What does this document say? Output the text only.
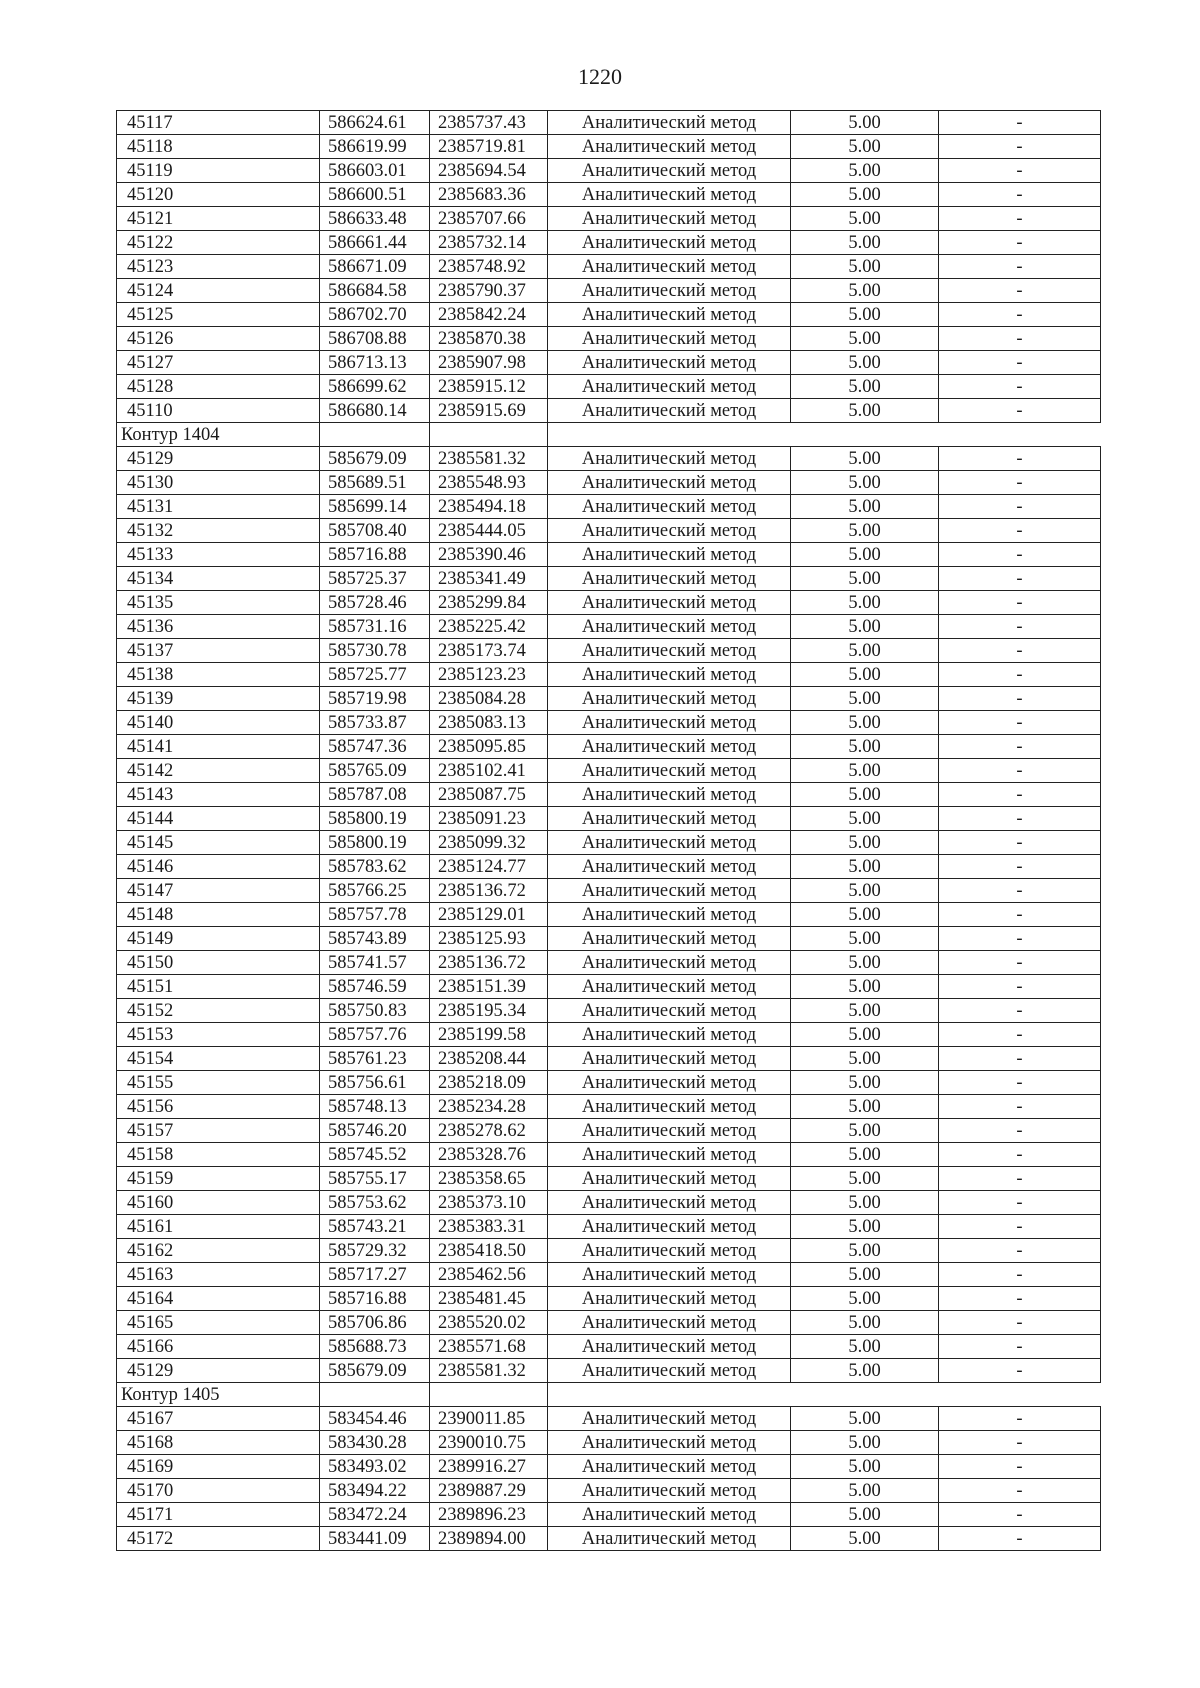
1220
45117	586624.61	2385737.43	Аналитический метод	5.00	-
45118	586619.99	2385719.81	Аналитический метод	5.00	-
45119	586603.01	2385694.54	Аналитический метод	5.00	-
45120	586600.51	2385683.36	Аналитический метод	5.00	-
45121	586633.48	2385707.66	Аналитический метод	5.00	-
45122	586661.44	2385732.14	Аналитический метод	5.00	-
45123	586671.09	2385748.92	Аналитический метод	5.00	-
45124	586684.58	2385790.37	Аналитический метод	5.00	-
45125	586702.70	2385842.24	Аналитический метод	5.00	-
45126	586708.88	2385870.38	Аналитический метод	5.00	-
45127	586713.13	2385907.98	Аналитический метод	5.00	-
45128	586699.62	2385915.12	Аналитический метод	5.00	-
45110	586680.14	2385915.69	Аналитический метод	5.00	-
Контур 1404					
45129	585679.09	2385581.32	Аналитический метод	5.00	-
45130	585689.51	2385548.93	Аналитический метод	5.00	-
45131	585699.14	2385494.18	Аналитический метод	5.00	-
45132	585708.40	2385444.05	Аналитический метод	5.00	-
45133	585716.88	2385390.46	Аналитический метод	5.00	-
45134	585725.37	2385341.49	Аналитический метод	5.00	-
45135	585728.46	2385299.84	Аналитический метод	5.00	-
45136	585731.16	2385225.42	Аналитический метод	5.00	-
45137	585730.78	2385173.74	Аналитический метод	5.00	-
45138	585725.77	2385123.23	Аналитический метод	5.00	-
45139	585719.98	2385084.28	Аналитический метод	5.00	-
45140	585733.87	2385083.13	Аналитический метод	5.00	-
45141	585747.36	2385095.85	Аналитический метод	5.00	-
45142	585765.09	2385102.41	Аналитический метод	5.00	-
45143	585787.08	2385087.75	Аналитический метод	5.00	-
45144	585800.19	2385091.23	Аналитический метод	5.00	-
45145	585800.19	2385099.32	Аналитический метод	5.00	-
45146	585783.62	2385124.77	Аналитический метод	5.00	-
45147	585766.25	2385136.72	Аналитический метод	5.00	-
45148	585757.78	2385129.01	Аналитический метод	5.00	-
45149	585743.89	2385125.93	Аналитический метод	5.00	-
45150	585741.57	2385136.72	Аналитический метод	5.00	-
45151	585746.59	2385151.39	Аналитический метод	5.00	-
45152	585750.83	2385195.34	Аналитический метод	5.00	-
45153	585757.76	2385199.58	Аналитический метод	5.00	-
45154	585761.23	2385208.44	Аналитический метод	5.00	-
45155	585756.61	2385218.09	Аналитический метод	5.00	-
45156	585748.13	2385234.28	Аналитический метод	5.00	-
45157	585746.20	2385278.62	Аналитический метод	5.00	-
45158	585745.52	2385328.76	Аналитический метод	5.00	-
45159	585755.17	2385358.65	Аналитический метод	5.00	-
45160	585753.62	2385373.10	Аналитический метод	5.00	-
45161	585743.21	2385383.31	Аналитический метод	5.00	-
45162	585729.32	2385418.50	Аналитический метод	5.00	-
45163	585717.27	2385462.56	Аналитический метод	5.00	-
45164	585716.88	2385481.45	Аналитический метод	5.00	-
45165	585706.86	2385520.02	Аналитический метод	5.00	-
45166	585688.73	2385571.68	Аналитический метод	5.00	-
45129	585679.09	2385581.32	Аналитический метод	5.00	-
Контур 1405					
45167	583454.46	2390011.85	Аналитический метод	5.00	-
45168	583430.28	2390010.75	Аналитический метод	5.00	-
45169	583493.02	2389916.27	Аналитический метод	5.00	-
45170	583494.22	2389887.29	Аналитический метод	5.00	-
45171	583472.24	2389896.23	Аналитический метод	5.00	-
45172	583441.09	2389894.00	Аналитический метод	5.00	-
